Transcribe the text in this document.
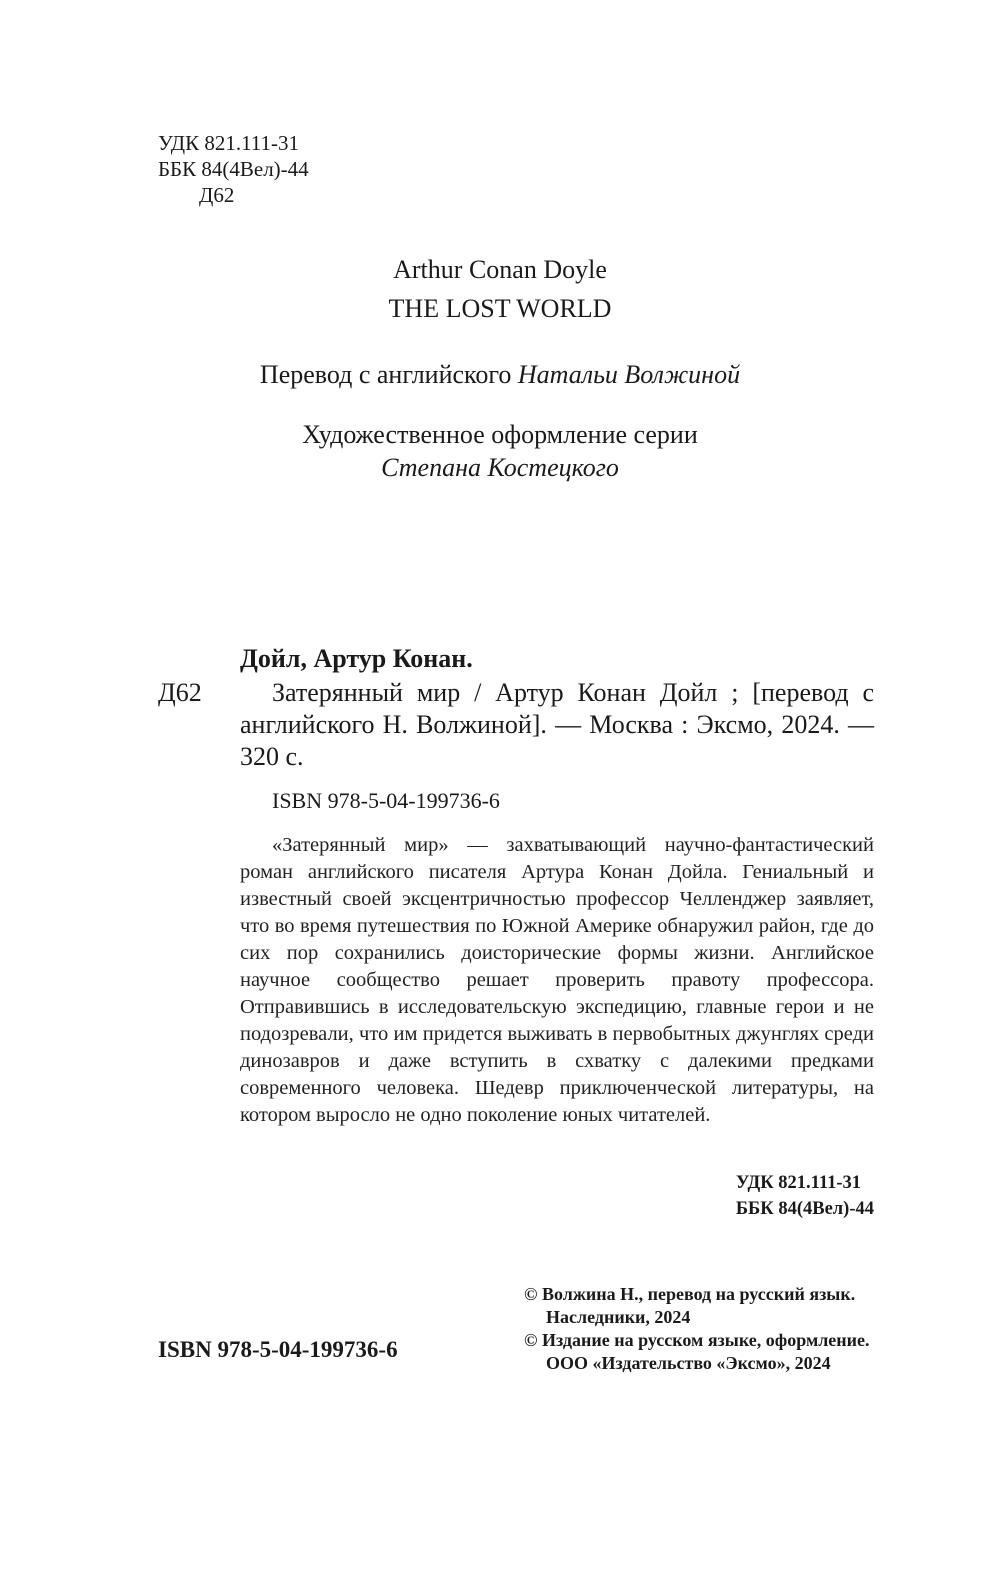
УДК 821.111-31
ББК 84(4Вел)-44
Д62
Arthur Conan Doyle
THE LOST WORLD
Перевод с английского Натальи Волжиной
Художественное оформление серии
Степана Костецкого
Дойл, Артур Конан.
Д62	Затерянный мир / Артур Конан Дойл ; [перевод с английского Н. Волжиной]. — Москва : Эксмо, 2024. — 320 с.
ISBN 978-5-04-199736-6
«Затерянный мир» — захватывающий научно-фантастический роман английского писателя Артура Конан Дойла. Гениальный и известный своей эксцентричностью профессор Челленджер заявляет, что во время путешествия по Южной Америке обнаружил район, где до сих пор сохранились доисторические формы жизни. Английское научное сообщество решает проверить правоту профессора. Отправившись в исследовательскую экспедицию, главные герои и не подозревали, что им придется выживать в первобытных джунглях среди динозавров и даже вступить в схватку с далекими предками современного человека. Шедевр приключенческой литературы, на котором выросло не одно поколение юных читателей.
УДК 821.111-31
ББК 84(4Вел)-44
ISBN 978-5-04-199736-6
© Волжина Н., перевод на русский язык.
Наследники, 2024
© Издание на русском языке, оформление.
ООО «Издательство «Эксмо», 2024
